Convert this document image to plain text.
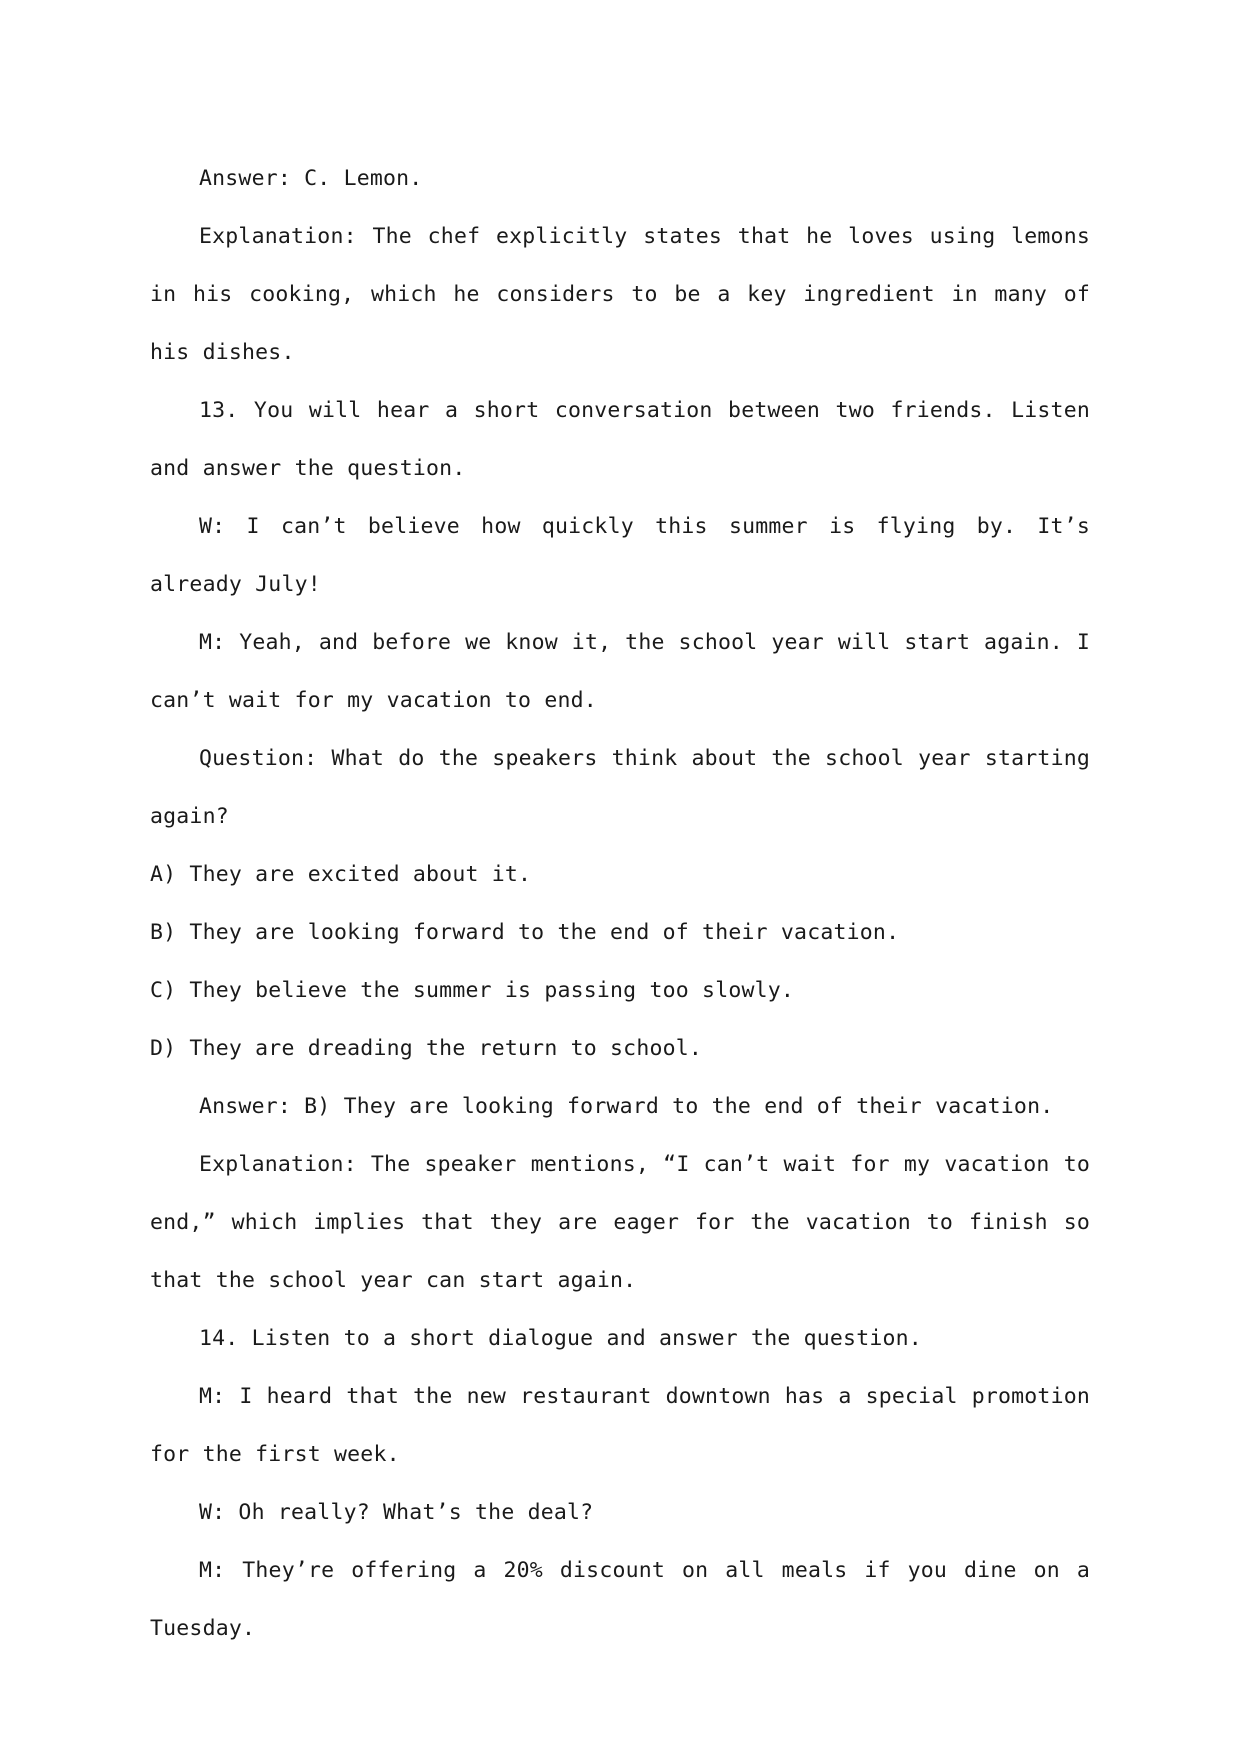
Answer: C. Lemon.

Explanation: The chef explicitly states that he loves using lemons in his cooking, which he considers to be a key ingredient in many of his dishes.

13. You will hear a short conversation between two friends. Listen and answer the question.

W: I can’t believe how quickly this summer is flying by. It’s already July!

M: Yeah, and before we know it, the school year will start again. I can’t wait for my vacation to end.

Question: What do the speakers think about the school year starting again?

A) They are excited about it.

B) They are looking forward to the end of their vacation.

C) They believe the summer is passing too slowly.

D) They are dreading the return to school.

Answer: B) They are looking forward to the end of their vacation.

Explanation: The speaker mentions, “I can’t wait for my vacation to end,” which implies that they are eager for the vacation to finish so that the school year can start again.

14. Listen to a short dialogue and answer the question.

M: I heard that the new restaurant downtown has a special promotion for the first week.

W: Oh really? What’s the deal?

M: They’re offering a 20% discount on all meals if you dine on a Tuesday.
